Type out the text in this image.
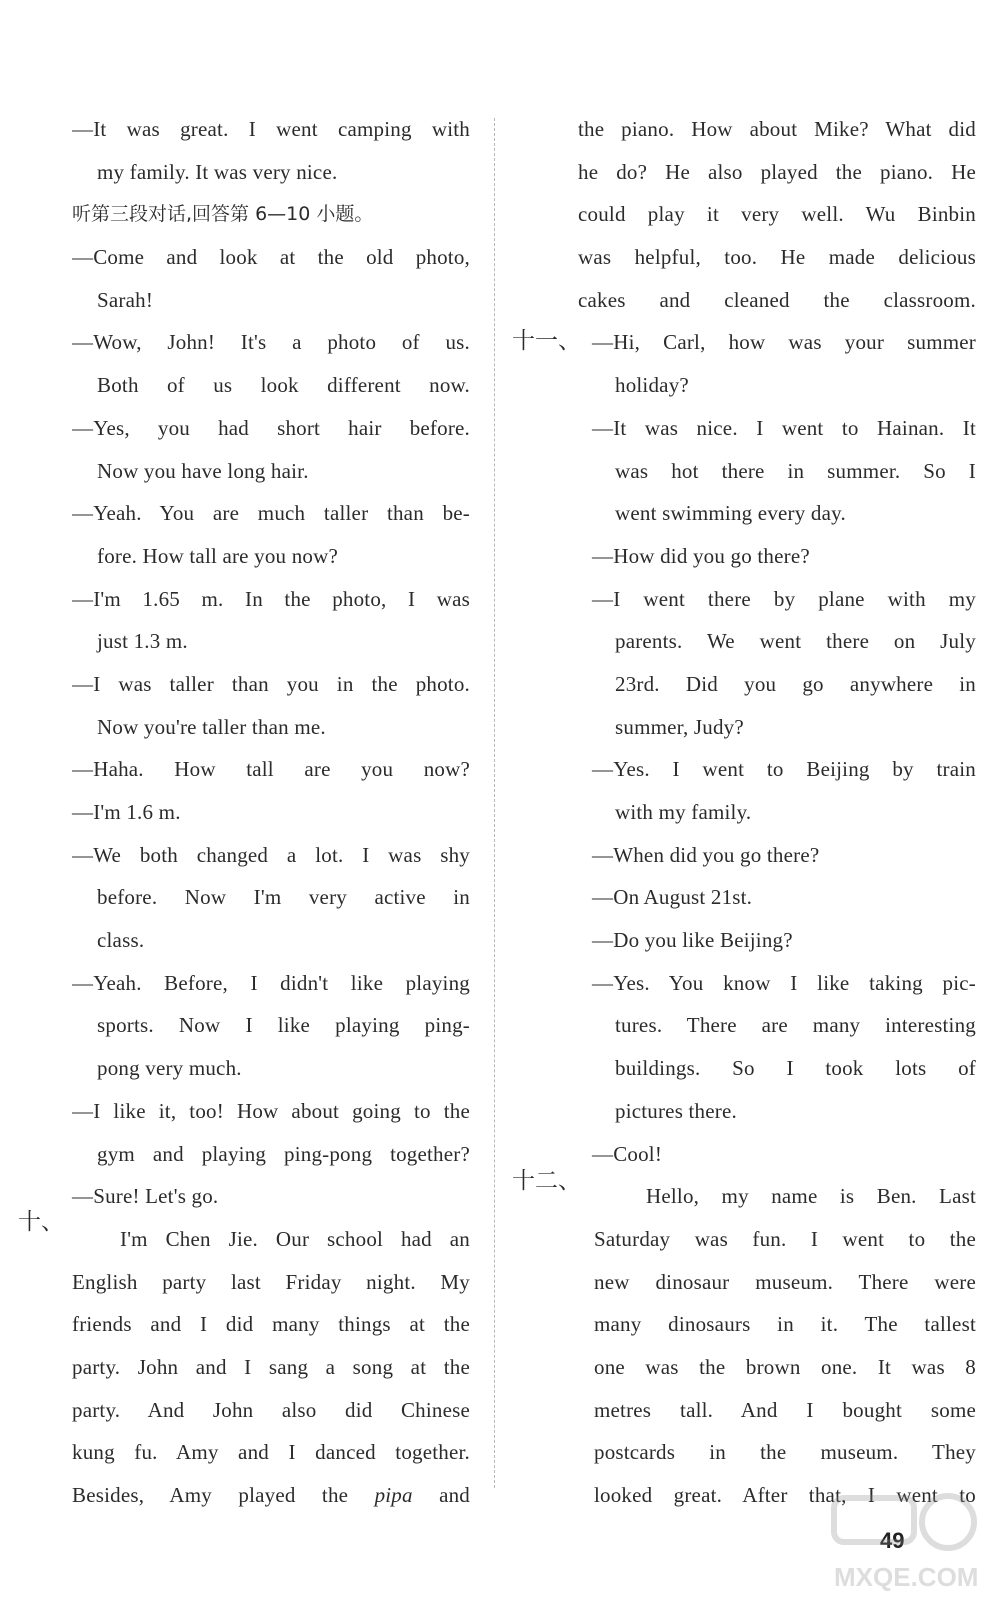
—It was great. I went camping with
my family. It was very nice.
听第三段对话,回答第 6—10 小题。
—Come and look at the old photo,
Sarah!
—Wow, John! It's a photo of us.
Both of us look different now.
—Yes, you had short hair before.
Now you have long hair.
—Yeah. You are much taller than be-
fore. How tall are you now?
—I'm 1.65 m. In the photo, I was
just 1.3 m.
—I was taller than you in the photo.
Now you're taller than me.
—Haha. How tall are you now?
—I'm 1.6 m.
—We both changed a lot. I was shy
before. Now I'm very active in
class.
—Yeah. Before, I didn't like playing
sports. Now I like playing ping-
pong very much.
—I like it, too! How about going to the
gym and playing ping-pong together?
—Sure! Let's go.
I'm Chen Jie. Our school had an
English party last Friday night. My
friends and I did many things at the
party. John and I sang a song at the
party. And John also did Chinese
kung fu. Amy and I danced together.
Besides, Amy played the pipa and
the piano. How about Mike? What did
he do? He also played the piano. He
could play it very well. Wu Binbin
was helpful, too. He made delicious
cakes and cleaned the classroom.
—Hi, Carl, how was your summer
holiday?
—It was nice. I went to Hainan. It
was hot there in summer. So I
went swimming every day.
—How did you go there?
—I went there by plane with my
parents. We went there on July
23rd. Did you go anywhere in
summer, Judy?
—Yes. I went to Beijing by train
with my family.
—When did you go there?
—On August 21st.
—Do you like Beijing?
—Yes. You know I like taking pic-
tures. There are many interesting
buildings. So I took lots of
pictures there.
—Cool!
Hello, my name is Ben. Last
Saturday was fun. I went to the
new dinosaur museum. There were
many dinosaurs in it. The tallest
one was the brown one. It was 8
metres tall. And I bought some
postcards in the museum. They
looked great. After that, I went to
十、
十一、
十二、
49
MXQE.COM
